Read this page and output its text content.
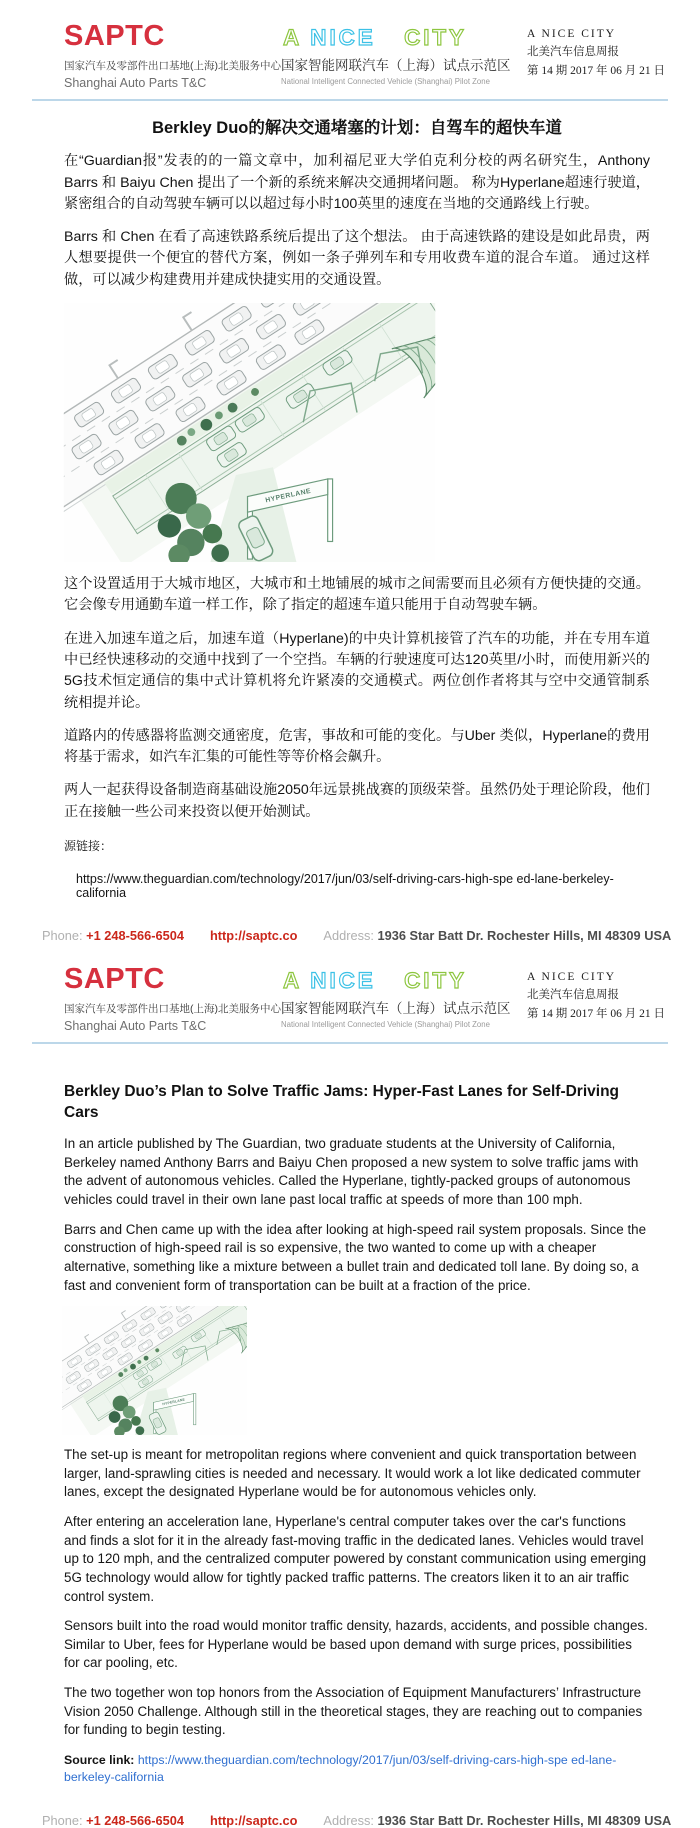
SAPTC
国家汽车及零部件出口基地(上海)北美服务中心
Shanghai Auto Parts T&C
A NICE CITY
国家智能网联汽车（上海）试点示范区
National Intelligent Connected Vehicle (Shanghai) Pilot Zone
A NICE CITY
北美汽车信息周报
第 14 期 2017 年 06 月 21 日
Berkley Duo的解决交通堵塞的计划：自驾车的超快车道

在“Guardian报”发表的的一篇文章中，加利福尼亚大学伯克利分校的两名研究生，Anthony Barrs 和 Baiyu Chen 提出了一个新的系统来解决交通拥堵问题。 称为Hyperlane超速行驶道，紧密组合的自动驾驶车辆可以以超过每小时100英里的速度在当地的交通路线上行驶。

Barrs 和 Chen 在看了高速铁路系统后提出了这个想法。 由于高速铁路的建设是如此昂贵，两人想要提供一个便宜的替代方案，例如一条子弹列车和专用收费车道的混合车道。 通过这样做，可以减少构建费用并建成快捷实用的交通设置。

这个设置适用于大城市地区，大城市和土地铺展的城市之间需要而且必须有方便快捷的交通。它会像专用通勤车道一样工作，除了指定的超速车道只能用于自动驾驶车辆。

在进入加速车道之后，加速车道（Hyperlane)的中央计算机接管了汽车的功能，并在专用车道中已经快速移动的交通中找到了一个空挡。车辆的行驶速度可达120英里/小时，而使用新兴的5G技术恒定通信的集中式计算机将允许紧凑的交通模式。两位创作者将其与空中交通管制系统相提并论。

道路内的传感器将监测交通密度，危害，事故和可能的变化。与Uber 类似，Hyperlane的费用将基于需求，如汽车汇集的可能性等等价格会飙升。

两人一起获得设备制造商基础设施2050年远景挑战赛的顶级荣誉。虽然仍处于理论阶段，他们正在接触一些公司来投资以便开始测试。

源链接：
https://www.theguardian.com/technology/2017/jun/03/self-driving-cars-high-spe ed-lane-berkeley-california
Phone: +1 248-566-6504 http://saptc.co Address: 1936 Star Batt Dr. Rochester Hills, MI 48309 USA
SAPTC
国家汽车及零部件出口基地(上海)北美服务中心
Shanghai Auto Parts T&C
A NICE CITY
国家智能网联汽车（上海）试点示范区
National Intelligent Connected Vehicle (Shanghai) Pilot Zone
A NICE CITY
北美汽车信息周报
第 14 期 2017 年 06 月 21 日
Berkley Duo’s Plan to Solve Traffic Jams: Hyper-Fast Lanes for Self-Driving Cars

In an article published by The Guardian, two graduate students at the University of California, Berkeley named Anthony Barrs and Baiyu Chen proposed a new system to solve traffic jams with the advent of autonomous vehicles. Called the Hyperlane, tightly-packed groups of autonomous vehicles could travel in their own lane past local traffic at speeds of more than 100 mph.

Barrs and Chen came up with the idea after looking at high-speed rail system proposals. Since the construction of high-speed rail is so expensive, the two wanted to come up with a cheaper alternative, something like a mixture between a bullet train and dedicated toll lane. By doing so, a fast and convenient form of transportation can be built at a fraction of the price.

The set-up is meant for metropolitan regions where convenient and quick transportation between larger, land-sprawling cities is needed and necessary. It would work a lot like dedicated commuter lanes, except the designated Hyperlane would be for autonomous vehicles only.

After entering an acceleration lane, Hyperlane's central computer takes over the car's functions and finds a slot for it in the already fast-moving traffic in the dedicated lanes. Vehicles would travel up to 120 mph, and the centralized computer powered by constant communication using emerging 5G technology would allow for tightly packed traffic patterns. The creators liken it to an air traffic control system.

Sensors built into the road would monitor traffic density, hazards, accidents, and possible changes. Similar to Uber, fees for Hyperlane would be based upon demand with surge prices, possibilities for car pooling, etc.

The two together won top honors from the Association of Equipment Manufacturers’ Infrastructure Vision 2050 Challenge. Although still in the theoretical stages, they are reaching out to companies for funding to begin testing.

Source link: https://www.theguardian.com/technology/2017/jun/03/self-driving-cars-high-spe ed-lane-berkeley-california
Phone: +1 248-566-6504 http://saptc.co Address: 1936 Star Batt Dr. Rochester Hills, MI 48309 USA
